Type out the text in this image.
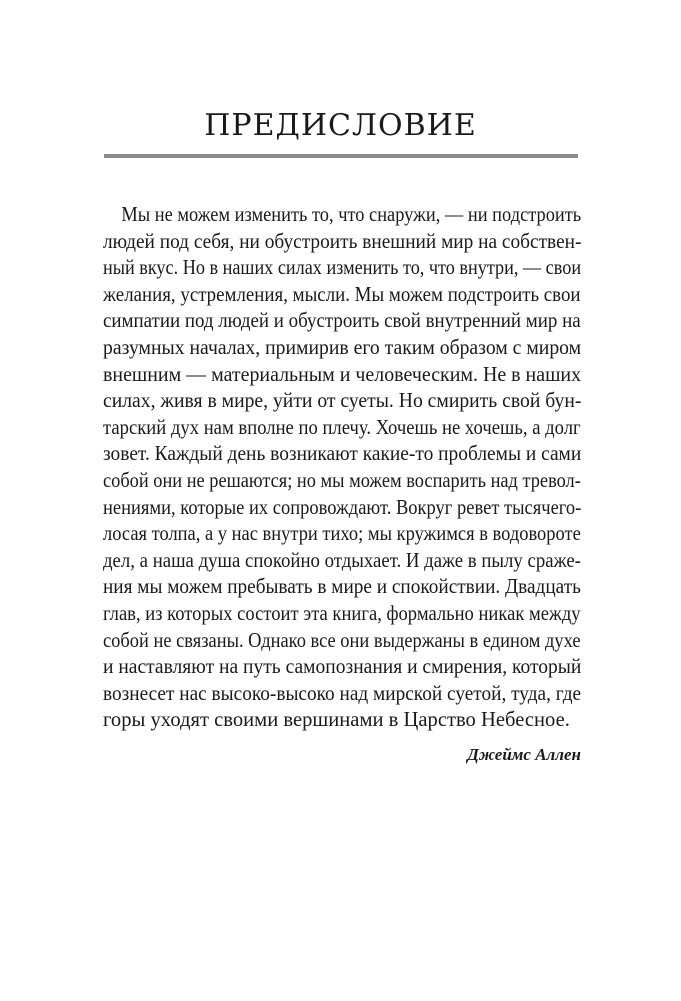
ПРЕДИСЛОВИЕ
Мы не можем изменить то, что снаружи, — ни подстроить
людей под себя, ни обустроить внешний мир на собствен-
ный вкус. Но в наших силах изменить то, что внутри, — свои
желания, устремления, мысли. Мы можем подстроить свои
симпатии под людей и обустроить свой внутренний мир на
разумных началах, примирив его таким образом с миром
внешним — материальным и человеческим. Не в наших
силах, живя в мире, уйти от суеты. Но смирить свой бун-
тарский дух нам вполне по плечу. Хочешь не хочешь, а долг
зовет. Каждый день возникают какие-то проблемы и сами
собой они не решаются; но мы можем воспарить над тревол-
нениями, которые их сопровождают. Вокруг ревет тысячего-
лосая толпа, а у нас внутри тихо; мы кружимся в водовороте
дел, а наша душа спокойно отдыхает. И даже в пылу сраже-
ния мы можем пребывать в мире и спокойствии. Двадцать
глав, из которых состоит эта книга, формально никак между
собой не связаны. Однако все они выдержаны в едином духе
и наставляют на путь самопознания и смирения, который
вознесет нас высоко-высоко над мирской суетой, туда, где
горы уходят своими вершинами в Царство Небесное.

Джеймс Аллен
